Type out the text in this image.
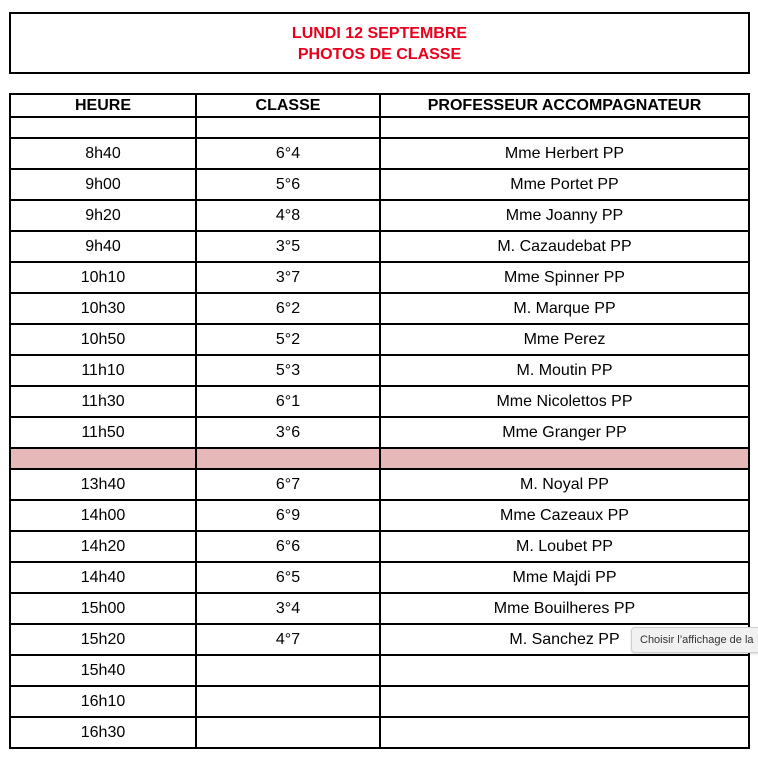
LUNDI 12 SEPTEMBRE
PHOTOS DE CLASSE
HEURE	CLASSE	PROFESSEUR ACCOMPAGNATEUR

8h40	6°4	Mme Herbert PP
9h00	5°6	Mme Portet PP
9h20	4°8	Mme Joanny PP
9h40	3°5	M. Cazaudebat PP
10h10	3°7	Mme Spinner PP
10h30	6°2	M. Marque PP
10h50	5°2	Mme Perez
11h10	5°3	M. Moutin PP
11h30	6°1	Mme Nicolettos PP
11h50	3°6	Mme Granger PP

13h40	6°7	M. Noyal PP
14h00	6°9	Mme Cazeaux PP
14h20	6°6	M. Loubet PP
14h40	6°5	Mme Majdi PP
15h00	3°4	Mme Bouilheres PP
15h20	4°7	M. Sanchez PP
15h40		
16h10		
16h30		
Choisir l’affichage de la
